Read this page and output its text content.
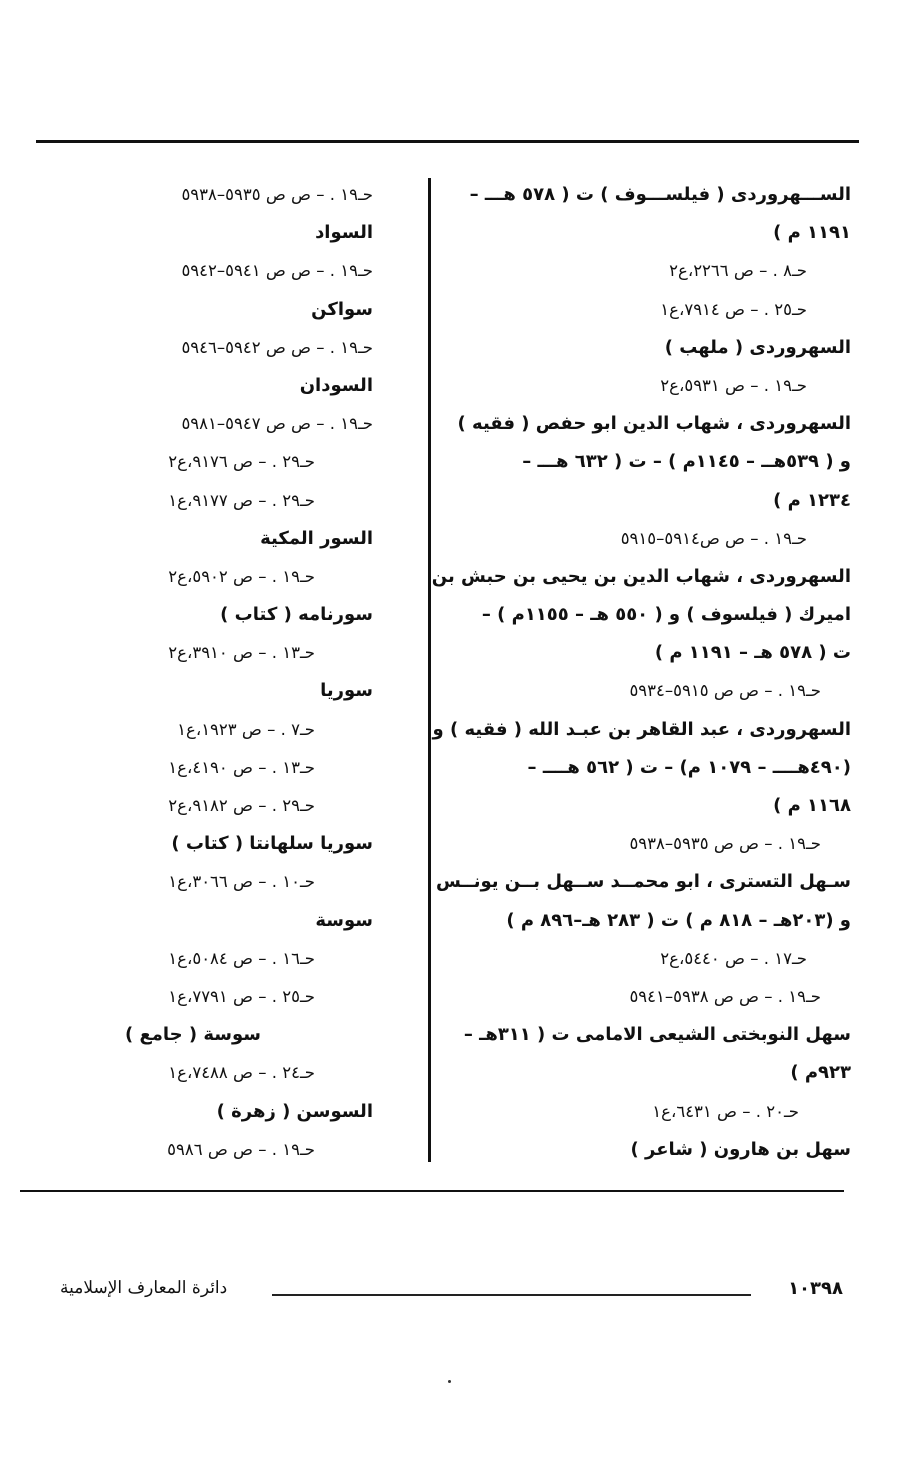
الســـهروردى ( فيلســـوف ) ت ( ٥٧٨ هـــ –
١١٩١ م )
حـ٨ . – ص ٢٢٦٦،ع٢
حـ٢٥ . – ص ٧٩١٤،ع١
السهروردى ( ملهب )
حـ١٩ . – ص ٥٩٣١،ع٢
السهروردى ، شهاب الدين ابو حفص ( فقيه )
و ( ٥٣٩هــ – ١١٤٥م ) – ت ( ٦٣٢ هـــ –
١٢٣٤ م )
حـ١٩ . – ص ص٥٩١٤–٥٩١٥
السهروردى ، شهاب الدين بن يحيى بن حبش بن
اميرك ( فيلسوف ) و ( ٥٥٠ هـ – ١١٥٥م ) –
ت ( ٥٧٨ هـ – ١١٩١ م )
حـ١٩ . – ص ص ٥٩١٥–٥٩٣٤
السهروردى ، عبد القاهر بن عبـد الله ( فقيه ) و
(٤٩٠هــــ – ١٠٧٩ م) – ت ( ٥٦٢ هــــ –
١١٦٨ م )
حـ١٩ . – ص ص ٥٩٣٥–٥٩٣٨
سـهل التسترى ، ابو محمــد ســهل بــن يونــس
و (٢٠٣هـ – ٨١٨ م ) ت ( ٢٨٣ هـ–٨٩٦ م )
حـ١٧ . – ص ٥٤٤٠،ع٢
حـ١٩ . – ص ص ٥٩٣٨–٥٩٤١
سهل النوبختى الشيعى الامامى ت ( ٣١١هـ –
٩٢٣م )
حـ٢٠ . – ص ٦٤٣١،ع١
سهل بن هارون ( شاعر )
حـ١٩ . – ص ص ٥٩٣٥–٥٩٣٨
السواد
حـ١٩ . – ص ص ٥٩٤١–٥٩٤٢
سواكن
حـ١٩ . – ص ص ٥٩٤٢–٥٩٤٦
السودان
حـ١٩ . – ص ص ٥٩٤٧–٥٩٨١
حـ٢٩ . – ص ٩١٧٦،ع٢
حـ٢٩ . – ص ٩١٧٧،ع١
السور المكية
حـ١٩ . – ص ٥٩٠٢،ع٢
سورنامه ( كتاب )
حـ١٣ . – ص ٣٩١٠،ع٢
سوريا
حـ٧ . – ص ١٩٢٣،ع١
حـ١٣ . – ص ٤١٩٠،ع١
حـ٢٩ . – ص ٩١٨٢،ع٢
سوريا سلهانتا ( كتاب )
حـ١٠ . – ص ٣٠٦٦،ع١
سوسة
حـ١٦ . – ص ٥٠٨٤،ع١
حـ٢٥ . – ص ٧٧٩١،ع١
سوسة ( جامع )
حـ٢٤ . – ص ٧٤٨٨،ع١
السوسن ( زهرة )
حـ١٩ . – ص ص ٥٩٨٦
١٠٣٩٨
دائرة المعارف الإسلامية
